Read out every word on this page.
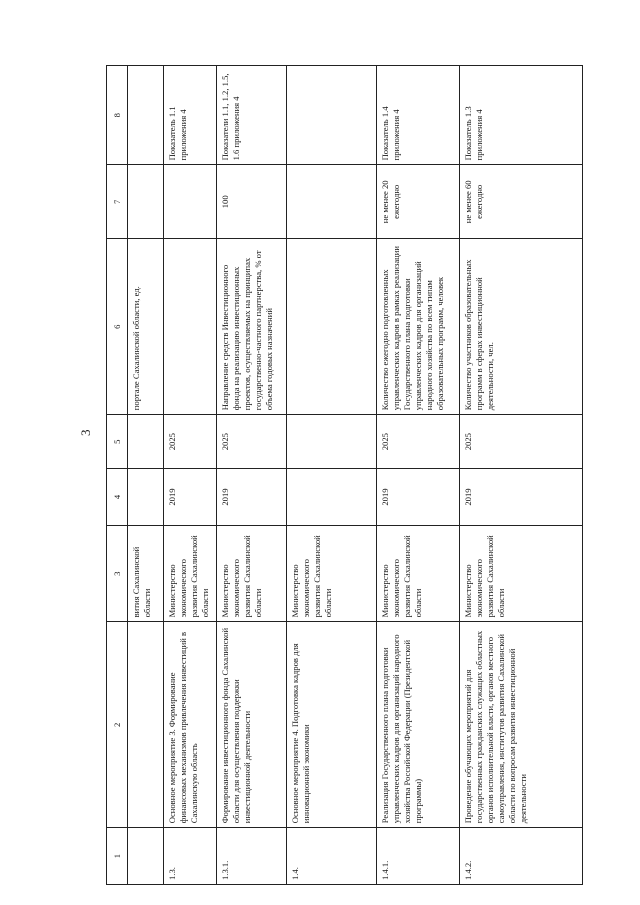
3
1	2	3	4	5	6	7	8
		вития Сахалинской области			портале Сахалинской области, ед.		
1.3.	Основное мероприятие 3. Формирование финансовых механизмов привлечения инвестиций в Сахалинскую область	Министерство экономического развития Сахалинской области	2019	2025			Показатель 1.1 приложения 4
1.3.1.	Формирование инвестиционного фонда Сахалинской области для осуществления поддержки инвестиционной деятельности	Министерство экономического развития Сахалинской области	2019	2025	Направление средств Инвестиционного фонда на реализацию инвестиционных проектов, осуществляемых на принципах государственно-частного партнерства, % от объема годовых назначений	100	Показатели 1.1, 1.2, 1.5, 1.6 приложения 4
1.4.	Основное мероприятие 4. Подготовка кадров для инновационной экономики	Министерство экономического развития Сахалинской области					
1.4.1.	Реализация Государственного плана подготовки управленческих кадров для организаций народного хозяйства Российской Федерации (Президентской программы)	Министерство экономического развития Сахалинской области	2019	2025	Количество ежегодно подготовленных управленческих кадров в рамках реализации Государственного плана подготовки управленческих кадров для организаций народного хозяйства по всем типам образовательных программ, человек	не менее 20 ежегодно	Показатель 1.4 приложения 4
1.4.2.	Проведение обучающих мероприятий для государственных гражданских служащих областных органов исполнительной власти, органов местного самоуправления, институтов развития Сахалинской области по вопросам развития инвестиционной деятельности	Министерство экономического развития Сахалинской области	2019	2025	Количество участников образовательных программ в сферах инвестиционной деятельности, чел.	не менее 60 ежегодно	Показатель 1.3 приложения 4
